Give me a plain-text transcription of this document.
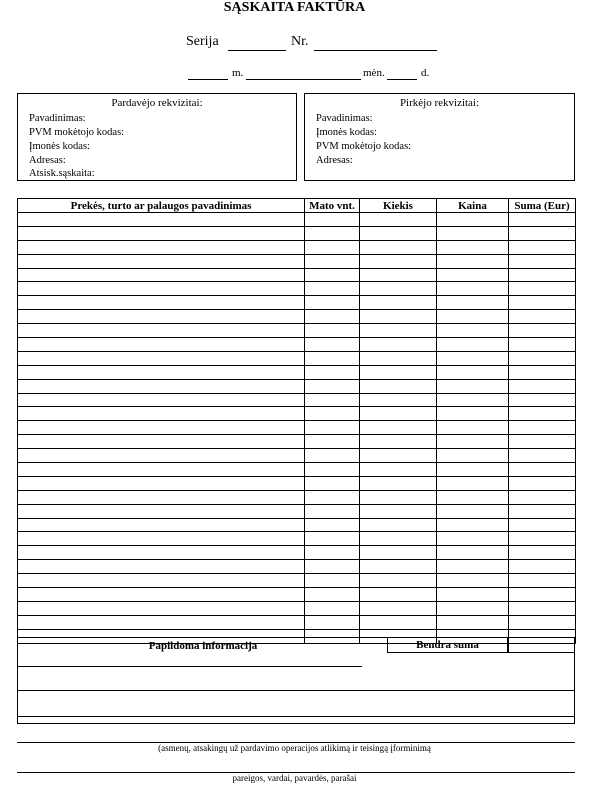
SĄSKAITA FAKTŪRA
Serija	Nr.
m.	mėn.	d.
Pardavėjo rekvizitai:
Pavadinimas:
PVM mokėtojo kodas:
Įmonės kodas:
Adresas:
Atsisk.sąskaita:
Pirkėjo rekvizitai:
Pavadinimas:
Įmonės kodas:
PVM mokėtojo kodas:
Adresas:
Prekės, turto ar palaugos pavadinimas	Mato vnt.	Kiekis	Kaina	Suma (Eur)

Papildoma informacija	Bendra suma
(asmenų, atsakingų už pardavimo operacijos atlikimą ir teisingą įforminimą
pareigos, vardai, pavardės, parašai
